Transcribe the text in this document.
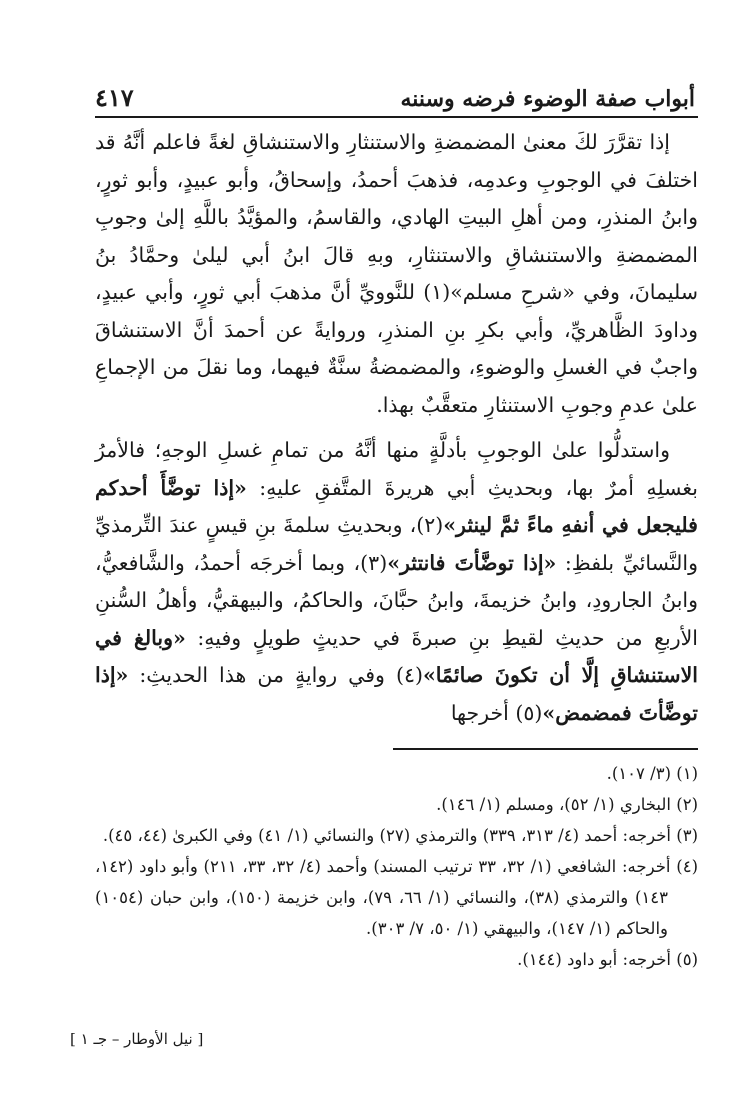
أبواب صفة الوضوء فرضه وسننه
٤١٧

إذا تقرَّرَ لكَ معنىٰ المضمضةِ والاستنثارِ والاستنشاقِ لغةً فاعلم أنَّهُ قد اختلفَ في الوجوبِ وعدمِه، فذهبَ أحمدُ، وإسحاقُ، وأبو عبيدٍ، وأبو ثورٍ، وابنُ المنذرِ، ومن أهلِ البيتِ الهادي، والقاسمُ، والمؤيَّدُ باللَّهِ إلىٰ وجوبِ المضمضةِ والاستنشاقِ والاستنثارِ، وبهِ قالَ ابنُ أبي ليلىٰ وحمَّادُ بنُ سليمانَ، وفي «شرحِ مسلم»(١) للنَّوويِّ أنَّ مذهبَ أبي ثورٍ، وأبي عبيدٍ، وداودَ الظَّاهريِّ، وأبي بكرِ بنِ المنذرِ، وروايةً عن أحمدَ أنَّ الاستنشاقَ واجبٌ في الغسلِ والوضوءِ، والمضمضةُ سنَّةٌ فيهما، وما نقلَ من الإجماعِ علىٰ عدمِ وجوبِ الاستنثارِ متعقَّبٌ بهذا.

واستدلُّوا علىٰ الوجوبِ بأدلَّةٍ منها أنَّهُ من تمامِ غسلِ الوجهِ؛ فالأمرُ بغسلِهِ أمرٌ بها، وبحديثِ أبي هريرةَ المتَّفقِ عليهِ: «إذا توضَّأَ أحدكم فليجعل في أنفهِ ماءً ثمَّ لينثر»(٢)، وبحديثِ سلمةَ بنِ قيسٍ عندَ التِّرمذيِّ والنَّسائيِّ بلفظِ: «إذا توضَّأتَ فانتثر»(٣)، وبما أخرجَه أحمدُ، والشَّافعيُّ، وابنُ الجارودِ، وابنُ خزيمةَ، وابنُ حبَّانَ، والحاكمُ، والبيهقيُّ، وأهلُ السُّننِ الأربعِ من حديثِ لقيطِ بنِ صبرةَ في حديثٍ طويلٍ وفيهِ: «وبالغ في الاستنشاقِ إلَّا أن تكونَ صائمًا»(٤) وفي روايةٍ من هذا الحديثِ: «إذا توضَّأتَ فمضمض»(٥) أخرجها

(١) (٣/ ١٠٧).

(٢) البخاري (١/ ٥٢)، ومسلم (١/ ١٤٦).

(٣) أخرجه: أحمد (٤/ ٣١٣، ٣٣٩) والترمذي (٢٧) والنسائي (١/ ٤١) وفي الكبرىٰ (٤٤، ٤٥).

(٤) أخرجه: الشافعي (١/ ٣٢، ٣٣ ترتيب المسند) وأحمد (٤/ ٣٢، ٣٣، ٢١١) وأبو داود (١٤٢، ١٤٣) والترمذي (٣٨)، والنسائي (١/ ٦٦، ٧٩)، وابن خزيمة (١٥٠)، وابن حبان (١٠٥٤) والحاكم (١/ ١٤٧)، والبيهقي (١/ ٥٠، ٧/ ٣٠٣).

(٥) أخرجه: أبو داود (١٤٤).

[ نيل الأوطار – جـ ١ ]
